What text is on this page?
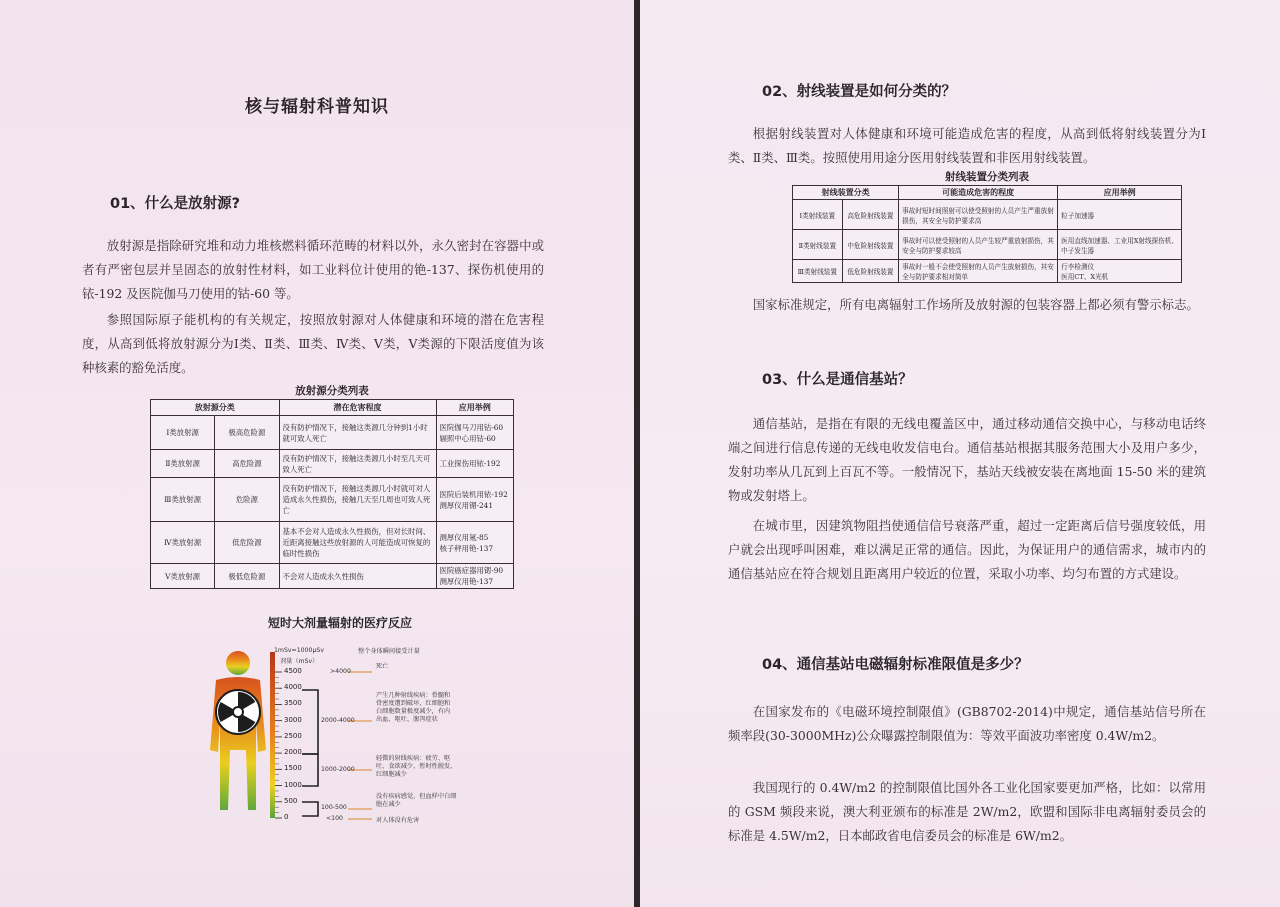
核与辐射科普知识
01、什么是放射源?
放射源是指除研究堆和动力堆核燃料循环范畴的材料以外，永久密封在容器中或者有严密包层并呈固态的放射性材料，如工业料位计使用的铯-137、探伤机使用的铱-192 及医院伽马刀使用的钴-60 等。
参照国际原子能机构的有关规定，按照放射源对人体健康和环境的潜在危害程度，从高到低将放射源分为Ⅰ类、Ⅱ类、Ⅲ类、Ⅳ类、Ⅴ类，Ⅴ类源的下限活度值为该种核素的豁免活度。
放射源分类列表
放射源分类		潜在危害程度	应用举例
Ⅰ类放射源	极高危险源	没有防护情况下，接触这类源几分钟到1小时就可致人死亡	医院伽马刀用钴-60
辐照中心用钴-60
Ⅱ类放射源	高危险源	没有防护情况下，接触这类源几小时至几天可致人死亡	工业探伤用铱-192
Ⅲ类放射源	危险源	没有防护情况下，接触这类源几小时就可对人造成永久性损伤，接触几天至几周也可致人死亡	医院后装机用铱-192
测厚仪用镅-241
Ⅳ类放射源	低危险源	基本不会对人造成永久性损伤，但对长时间、近距离接触这些放射源的人可能造成可恢复的临时性损伤	测厚仪用氪-85
核子秤用铯-137
Ⅴ类放射源	极低危险源	不会对人造成永久性损伤	医院癌症器用锶-90
测厚仪用铯-137
短时大剂量辐射的医疗反应
1mSv=1000μSv
剂量（mSv）
整个身体瞬间接受计量
>4000
死亡
2000-4000
产生几种射线疾病：骨髓和骨密度遭到破坏，红细胞和白细胞数量极度减少，有内出血、呕吐、腹泻症状
1000-2000
轻微的射线疾病：疲劳、呕吐、食欲减少、暂时性脱发、红细胞减少
100-500
没有疾病感觉，但血样中白细胞在减少
<100	对人体没有危害
4500
4000
3500
3000
2500
2000
1500
1000
500
0
02、射线装置是如何分类的？
根据射线装置对人体健康和环境可能造成危害的程度，从高到低将射线装置分为Ⅰ类、Ⅱ类、Ⅲ类。按照使用用途分医用射线装置和非医用射线装置。
射线装置分类列表
射线装置分类		可能造成危害的程度	应用举例
Ⅰ类射线装置	高危险射线装置	事故时短时间照射可以使受照射的人员产生严重放射损伤，其安全与防护要求高	粒子加速器
Ⅱ类射线装置	中危险射线装置	事故时可以使受照射的人员产生较严重放射损伤，其安全与防护要求较高	医用直线加速器、工业用X射线探伤机、中子发生器
Ⅲ类射线装置	低危险射线装置	事故时一般不会使受照射的人员产生放射损伤，其安全与防护要求相对简单	行李检测仪
医用CT、X光机
国家标准规定，所有电离辐射工作场所及放射源的包装容器上都必须有警示标志。
03、什么是通信基站？
通信基站，是指在有限的无线电覆盖区中，通过移动通信交换中心，与移动电话终端之间进行信息传递的无线电收发信电台。通信基站根据其服务范围大小及用户多少，发射功率从几瓦到上百瓦不等。一般情况下，基站天线被安装在离地面 15-50 米的建筑物或发射塔上。
在城市里，因建筑物阻挡使通信信号衰落严重，超过一定距离后信号强度较低，用户就会出现呼叫困难，难以满足正常的通信。因此，为保证用户的通信需求，城市内的通信基站应在符合规划且距离用户较近的位置，采取小功率、均匀布置的方式建设。
04、通信基站电磁辐射标准限值是多少？
在国家发布的《电磁环境控制限值》(GB8702-2014)中规定，通信基站信号所在频率段(30-3000MHz)公众曝露控制限值为：等效平面波功率密度 0.4W/m2。
我国现行的 0.4W/m2 的控制限值比国外各工业化国家要更加严格，比如：以常用的 GSM 频段来说，澳大利亚颁布的标准是 2W/m2，欧盟和国际非电离辐射委员会的标准是 4.5W/m2，日本邮政省电信委员会的标准是 6W/m2。
